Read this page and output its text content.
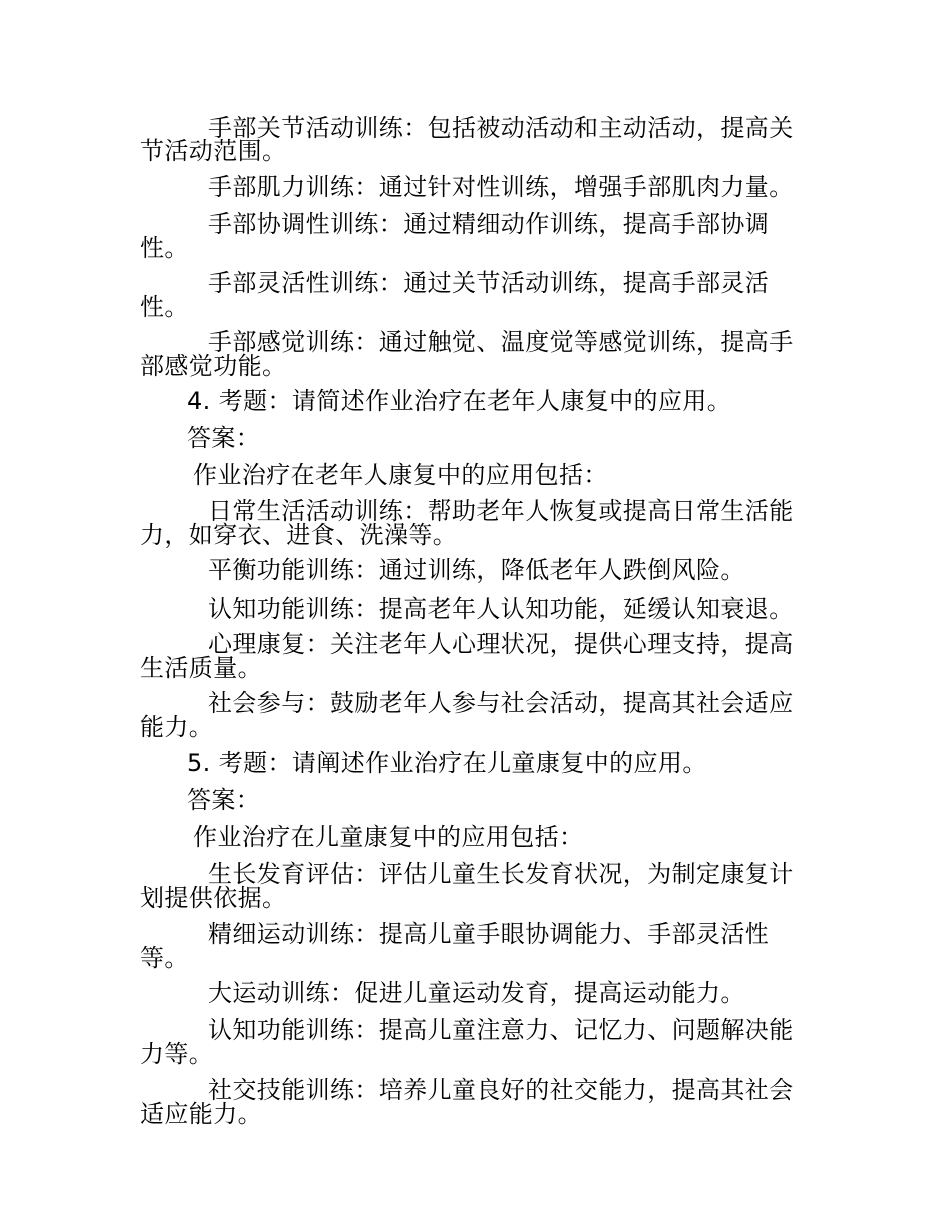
手部关节活动训练：包括被动活动和主动活动，提高关

节活动范围。

手部肌力训练：通过针对性训练，增强手部肌肉力量。

手部协调性训练：通过精细动作训练，提高手部协调

性。

手部灵活性训练：通过关节活动训练，提高手部灵活

性。

手部感觉训练：通过触觉、温度觉等感觉训练，提高手

部感觉功能。

4. 考题：请简述作业治疗在老年人康复中的应用。

答案：

作业治疗在老年人康复中的应用包括：

日常生活活动训练：帮助老年人恢复或提高日常生活能

力，如穿衣、进食、洗澡等。

平衡功能训练：通过训练，降低老年人跌倒风险。

认知功能训练：提高老年人认知功能，延缓认知衰退。

心理康复：关注老年人心理状况，提供心理支持，提高

生活质量。

社会参与：鼓励老年人参与社会活动，提高其社会适应

能力。

5. 考题：请阐述作业治疗在儿童康复中的应用。

答案：

作业治疗在儿童康复中的应用包括：

生长发育评估：评估儿童生长发育状况，为制定康复计

划提供依据。

精细运动训练：提高儿童手眼协调能力、手部灵活性

等。

大运动训练：促进儿童运动发育，提高运动能力。

认知功能训练：提高儿童注意力、记忆力、问题解决能

力等。

社交技能训练：培养儿童良好的社交能力，提高其社会

适应能力。
